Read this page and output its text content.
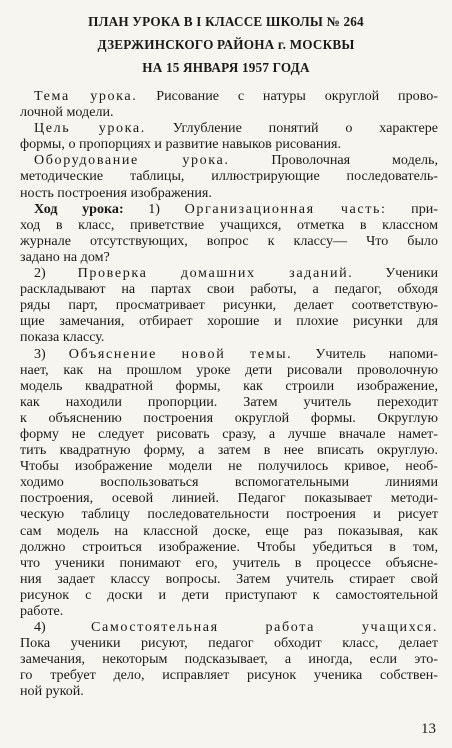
ПЛАН УРОКА В I КЛАССЕ ШКОЛЫ № 264
ДЗЕРЖИНСКОГО РАЙОНА г. МОСКВЫ
НА 15 ЯНВАРЯ 1957 ГОДА
Тема урока. Рисование с натуры округлой прово-
лочной модели.
Цель урока. Углубление понятий о характере
формы, о пропорциях и развитие навыков рисования.
Оборудование урока.	Проволочная модель,
методические таблицы, иллюстрирующие последователь-
ность построения изображения.
Ход урока: 1) Организационная часть: при-
ход в класс, приветствие учащихся, отметка в классном
журнале отсутствующих, вопрос к классу— Что было
задано на дом?
2) Проверка домашних заданий. Ученики
раскладывают на партах свои работы, а педагог, обходя
ряды парт, просматривает рисунки, делает соответствую-
щие замечания, отбирает хорошие и плохие рисунки для
показа классу.
3) Объяснение новой темы. Учитель напоми-
нает, как на прошлом уроке дети рисовали проволочную
модель квадратной формы, как строили изображение,
как находили пропорции. Затем учитель переходит
к объяснению построения округлой формы. Округлую
форму не следует рисовать сразу, а лучше вначале намет-
тить квадратную форму, а затем в нее вписать округлую.
Чтобы изображение модели не получилось кривое, необ-
ходимо воспользоваться вспомогательными линиями
построения, осевой линией. Педагог показывает методи-
ческую таблицу последовательности построения и рисует
сам модель на классной доске, еще раз показывая, как
должно строиться изображение. Чтобы убедиться в том,
что ученики понимают его, учитель в процессе объясне-
ния задает классу вопросы. Затем учитель стирает свой
рисунок с доски и дети приступают к самостоятельной
работе.
4)	Самостоятельная работа учащихся.
Пока ученики рисуют, педагог обходит класс, делает
замечания, некоторым подсказывает, а иногда, если это-
го требует дело, исправляет рисунок ученика собствен-
ной рукой.
13
